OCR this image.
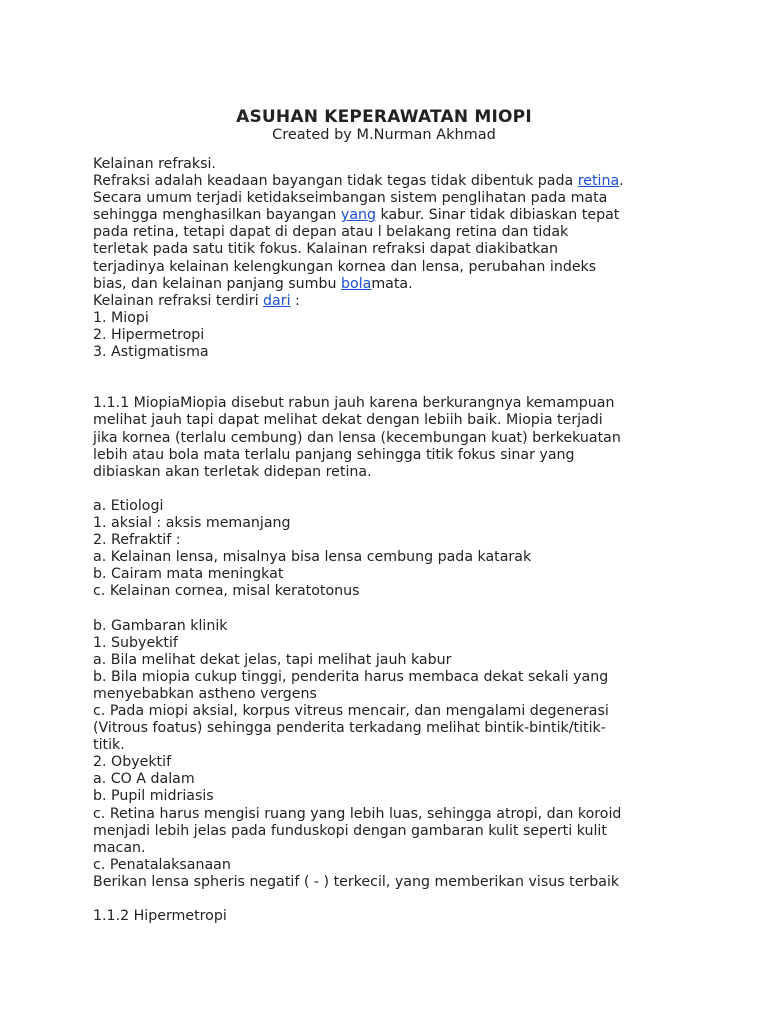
ASUHAN KEPERAWATAN MIOPI
Created by M.Nurman Akhmad

Kelainan refraksi.

Refraksi adalah keadaan bayangan tidak tegas tidak dibentuk pada retina.

Secara umum terjadi ketidakseimbangan sistem penglihatan pada mata

sehingga menghasilkan bayangan yang kabur. Sinar tidak dibiaskan tepat

pada retina, tetapi dapat di depan atau l belakang retina dan tidak

terletak pada satu titik fokus. Kalainan refraksi dapat diakibatkan

terjadinya kelainan kelengkungan kornea dan lensa, perubahan indeks

bias, dan kelainan panjang sumbu bolamata.

Kelainan refraksi terdiri dari :

1. Miopi

2. Hipermetropi

3. Astigmatisma

1.1.1 MiopiaMiopia disebut rabun jauh karena berkurangnya kemampuan

melihat jauh tapi dapat melihat dekat dengan lebiih baik. Miopia terjadi

jika kornea (terlalu cembung) dan lensa (kecembungan kuat) berkekuatan

lebih atau bola mata terlalu panjang sehingga titik fokus sinar yang

dibiaskan akan terletak didepan retina.

a. Etiologi

1. aksial : aksis memanjang

2. Refraktif :

a. Kelainan lensa, misalnya bisa lensa cembung pada katarak

b. Cairam mata meningkat

c. Kelainan cornea, misal keratotonus

b. Gambaran klinik

1. Subyektif

a. Bila melihat dekat jelas, tapi melihat jauh kabur

b. Bila miopia cukup tinggi, penderita harus membaca dekat sekali yang

menyebabkan astheno vergens

c. Pada miopi aksial, korpus vitreus mencair, dan mengalami degenerasi

(Vitrous foatus) sehingga penderita terkadang melihat bintik-bintik/titik-

titik.

2. Obyektif

a. CO A dalam

b. Pupil midriasis

c. Retina harus mengisi ruang yang lebih luas, sehingga atropi, dan koroid

menjadi lebih jelas pada funduskopi dengan gambaran kulit seperti kulit

macan.

c. Penatalaksanaan

Berikan lensa spheris negatif ( - ) terkecil, yang memberikan visus terbaik

1.1.2 Hipermetropi
